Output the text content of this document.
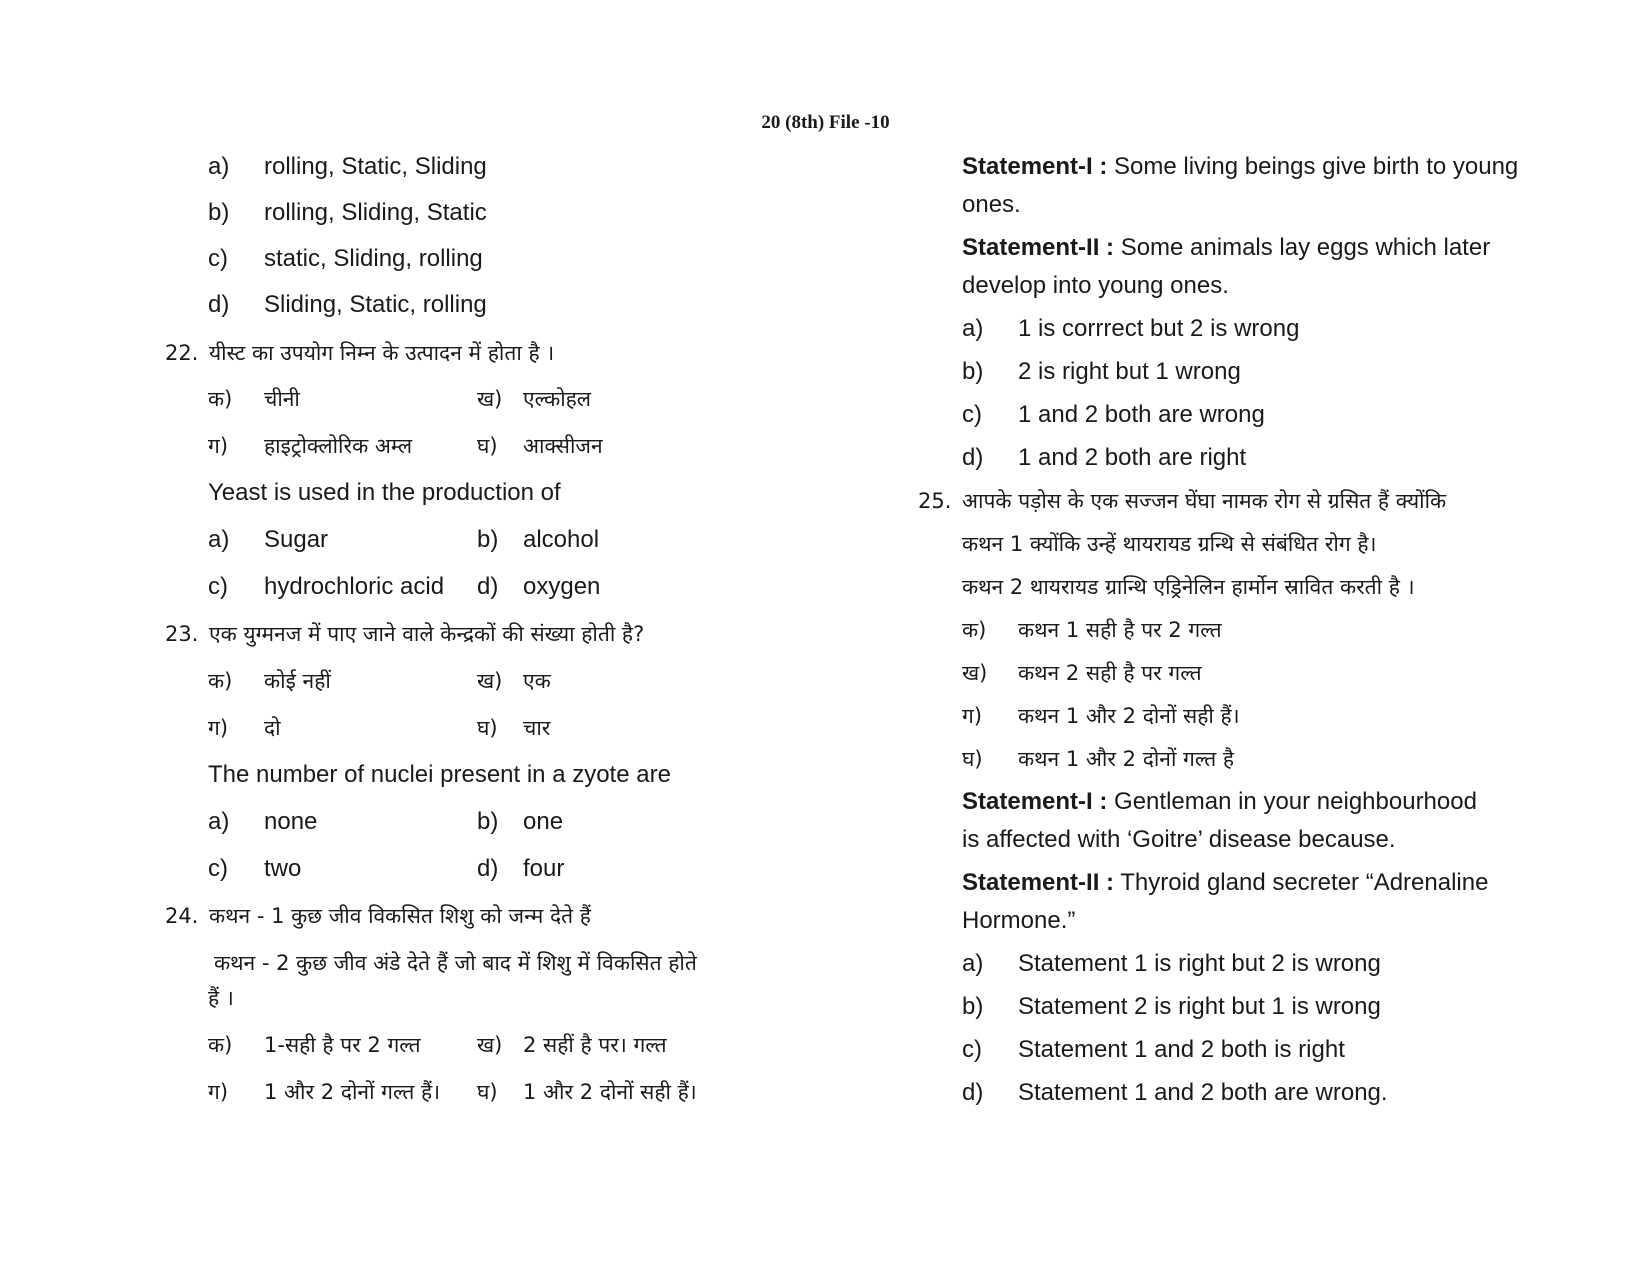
20 (8th) File -10
a) rolling, Static, Sliding
b) rolling, Sliding, Static
c) static, Sliding, rolling
d) Sliding, Static, rolling
22. यीस्ट का उपयोग निम्न के उत्पादन में होता है ।
क) चीनी	ख) एल्कोहल
ग) हाइट्रोक्लोरिक अम्ल	घ) आक्सीजन
Yeast is used in the production of
a) Sugar	b) alcohol
c) hydrochloric acid d) oxygen
23. एक युग्मनज में पाए जाने वाले केन्द्रकों की संख्या होती है?
क) कोई नहीं	ख) एक
ग) दो	घ) चार
The number of nuclei present in a zyote are
a) none	b) one
c) two	d) four
24. कथन - 1 कुछ जीव विकसित शिशु को जन्म देते हैं
कथन - 2 कुछ जीव अंडे देते हैं जो बाद में शिशु में विकसित होते
हैं ।
क) 1-सही है पर 2 गल्त	ख) 2 सहीं है पर। गल्त
ग) 1 और 2 दोनों गल्त हैं। घ) 1 और 2 दोनों सही हैं।
Statement-I : Some living beings give birth to young
ones.
Statement-II : Some animals lay eggs which later
develop into young ones.
a) 1 is corrrect but 2 is wrong
b) 2 is right but 1 wrong
c) 1 and 2 both are wrong
d) 1 and 2 both are right
25. आपके पड़ोस के एक सज्जन घेंघा नामक रोग से ग्रसित हैं क्योंकि
कथन 1 क्योंकि उन्हें थायरायड ग्रन्थि से संबंधित रोग है।
कथन 2 थायरायड ग्रान्थि एड्रिनेलिन हार्मोन स्रावित करती है ।
क) कथन 1 सही है पर 2 गल्त
ख) कथन 2 सही है पर गल्त
ग) कथन 1 और 2 दोनों सही हैं।
घ) कथन 1 और 2 दोनों गल्त है
Statement-I : Gentleman in your neighbourhood
is affected with ‘Goitre’ disease because.
Statement-II : Thyroid gland secreter “Adrenaline
Hormone.”
a) Statement 1 is right but 2 is wrong
b) Statement 2 is right but 1 is wrong
c) Statement 1 and 2 both is right
d) Statement 1 and 2 both are wrong.
